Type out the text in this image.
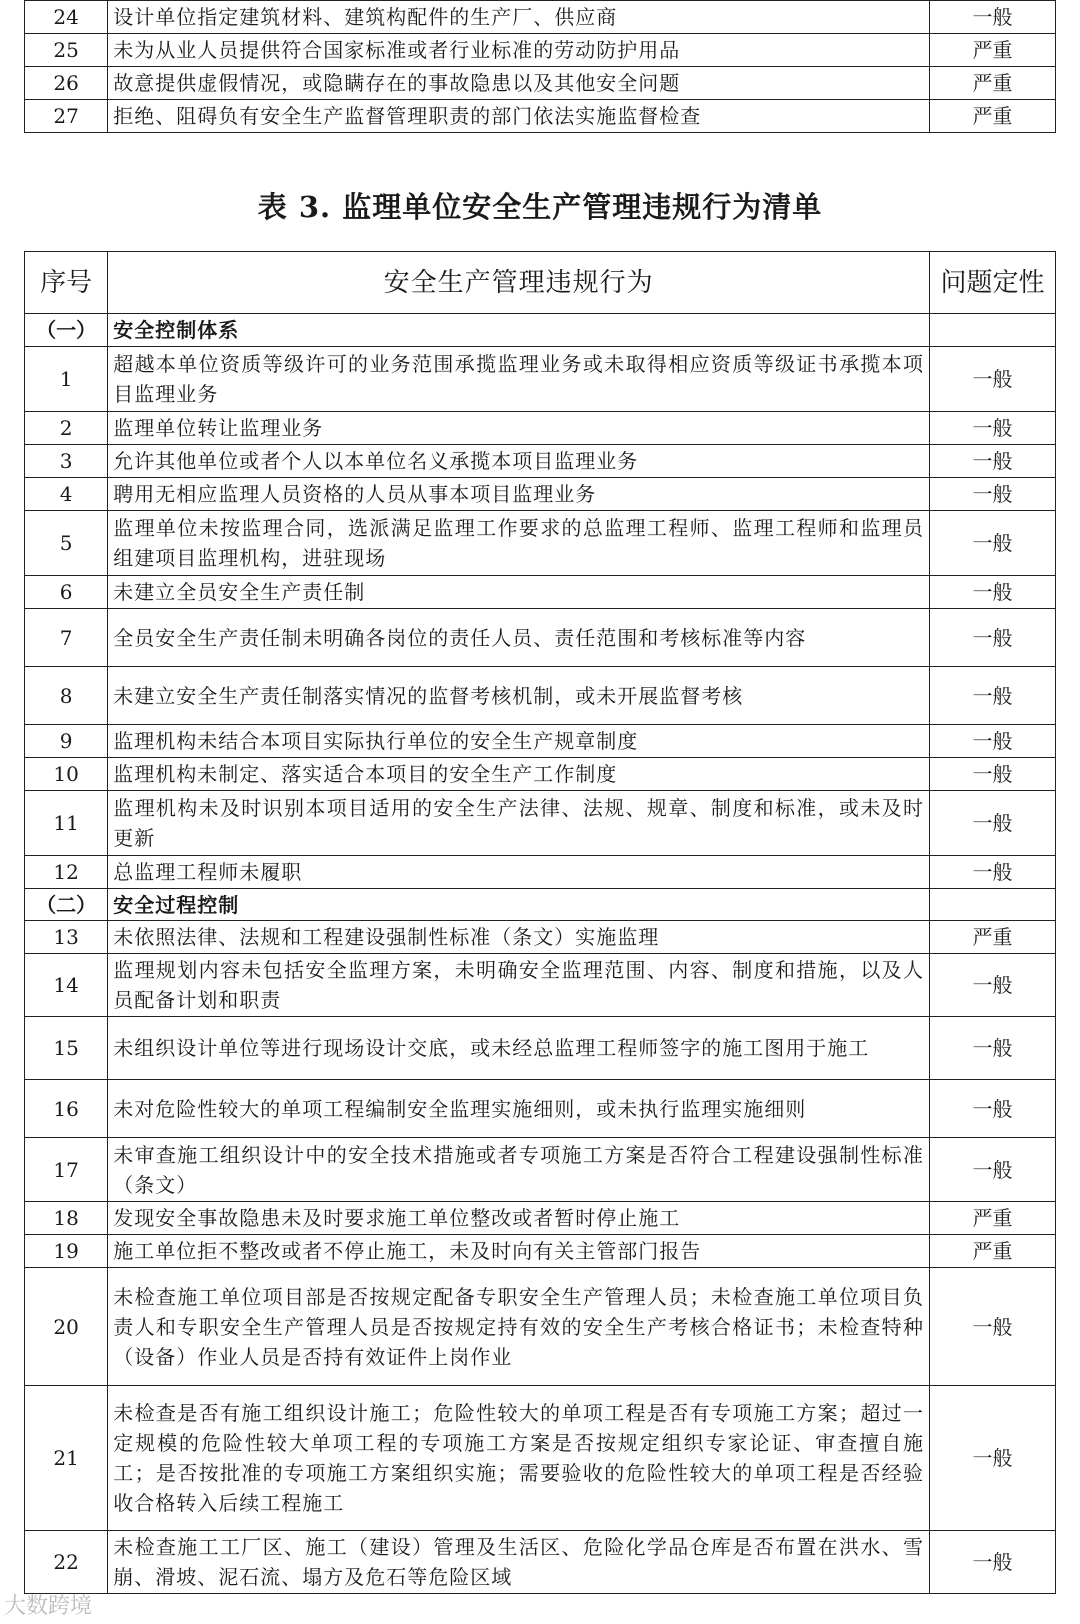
24	设计单位指定建筑材料、建筑构配件的生产厂、供应商	一般
25	未为从业人员提供符合国家标准或者行业标准的劳动防护用品	严重
26	故意提供虚假情况，或隐瞒存在的事故隐患以及其他安全问题	严重
27	拒绝、阻碍负有安全生产监督管理职责的部门依法实施监督检查	严重
表 3. 监理单位安全生产管理违规行为清单
序号	安全生产管理违规行为	问题定性
（一）	安全控制体系	
1	超越本单位资质等级许可的业务范围承揽监理业务或未取得相应资质等级证书承揽本项目监理业务	一般
2	监理单位转让监理业务	一般
3	允许其他单位或者个人以本单位名义承揽本项目监理业务	一般
4	聘用无相应监理人员资格的人员从事本项目监理业务	一般
5	监理单位未按监理合同，选派满足监理工作要求的总监理工程师、监理工程师和监理员组建项目监理机构，进驻现场	一般
6	未建立全员安全生产责任制	一般
7	全员安全生产责任制未明确各岗位的责任人员、责任范围和考核标准等内容	一般
8	未建立安全生产责任制落实情况的监督考核机制，或未开展监督考核	一般
9	监理机构未结合本项目实际执行单位的安全生产规章制度	一般
10	监理机构未制定、落实适合本项目的安全生产工作制度	一般
11	监理机构未及时识别本项目适用的安全生产法律、法规、规章、制度和标准，或未及时更新	一般
12	总监理工程师未履职	一般
（二）	安全过程控制	
13	未依照法律、法规和工程建设强制性标准（条文）实施监理	严重
14	监理规划内容未包括安全监理方案，未明确安全监理范围、内容、制度和措施，以及人员配备计划和职责	一般
15	未组织设计单位等进行现场设计交底，或未经总监理工程师签字的施工图用于施工	一般
16	未对危险性较大的单项工程编制安全监理实施细则，或未执行监理实施细则	一般
17	未审查施工组织设计中的安全技术措施或者专项施工方案是否符合工程建设强制性标准（条文）	一般
18	发现安全事故隐患未及时要求施工单位整改或者暂时停止施工	严重
19	施工单位拒不整改或者不停止施工，未及时向有关主管部门报告	严重
20	未检查施工单位项目部是否按规定配备专职安全生产管理人员；未检查施工单位项目负责人和专职安全生产管理人员是否按规定持有效的安全生产考核合格证书；未检查特种（设备）作业人员是否持有效证件上岗作业	一般
21	未检查是否有施工组织设计施工；危险性较大的单项工程是否有专项施工方案；超过一定规模的危险性较大单项工程的专项施工方案是否按规定组织专家论证、审查擅自施工；是否按批准的专项施工方案组织实施；需要验收的危险性较大的单项工程是否经验收合格转入后续工程施工	一般
22	未检查施工工厂区、施工（建设）管理及生活区、危险化学品仓库是否布置在洪水、雪崩、滑坡、泥石流、塌方及危石等危险区域	一般
大数跨境
